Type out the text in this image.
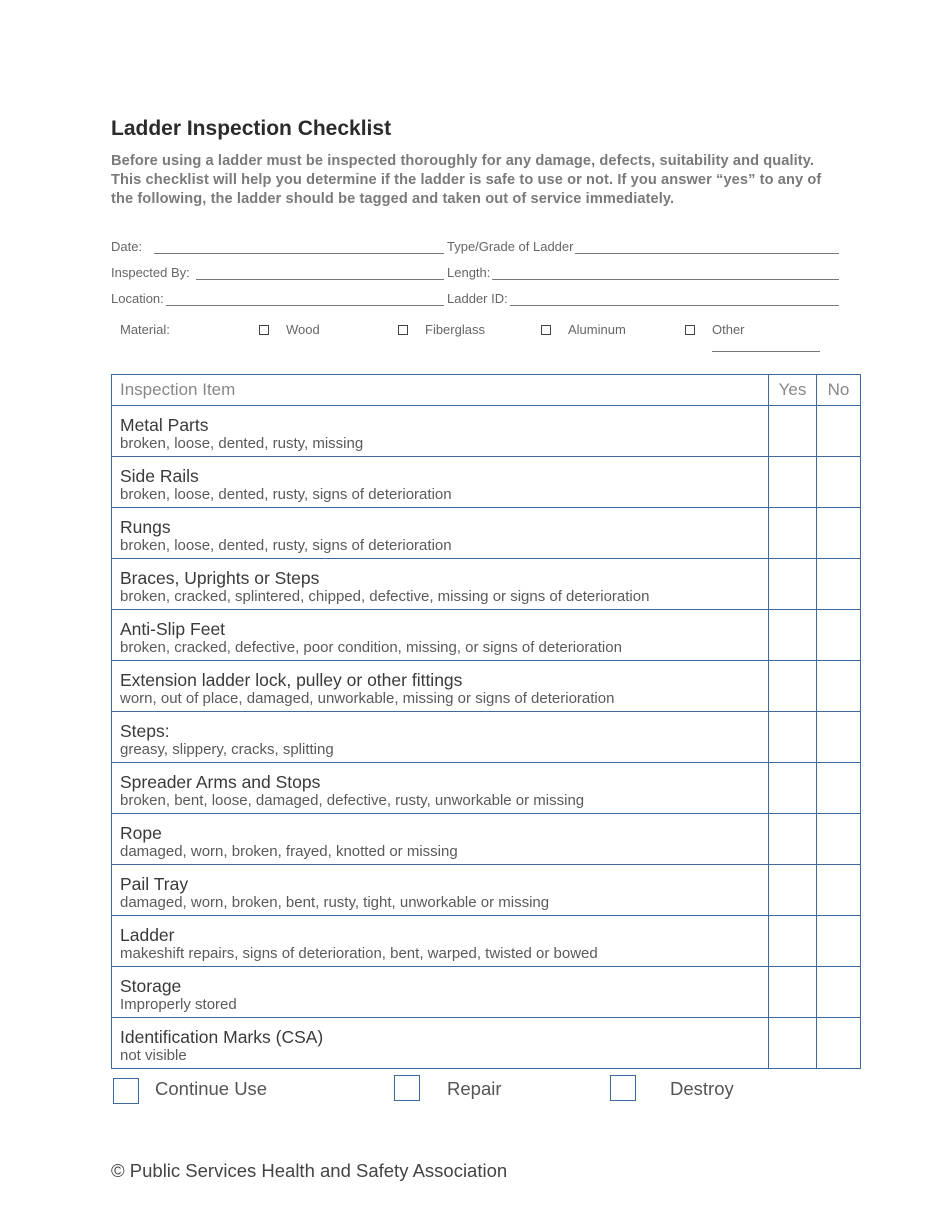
Ladder Inspection Checklist

Before using a ladder must be inspected thoroughly for any damage, defects, suitability and quality. This checklist will help you determine if the ladder is safe to use or not. If you answer “yes” to any of the following, the ladder should be tagged and taken out of service immediately.

Date:	Type/Grade of Ladder
Inspected By:	Length:
Location:	Ladder ID:
Material:	Wood	Fiberglass	Aluminum	Other
Inspection Item	Yes	No

Metal Parts
broken, loose, dented, rusty, missing		

Side Rails
broken, loose, dented, rusty, signs of deterioration		

Rungs
broken, loose, dented, rusty, signs of deterioration		

Braces, Uprights or Steps
broken, cracked, splintered, chipped, defective, missing or signs of deterioration		

Anti-Slip Feet
broken, cracked, defective, poor condition, missing, or signs of deterioration		

Extension ladder lock, pulley or other fittings
worn, out of place, damaged, unworkable, missing or signs of deterioration		

Steps:
greasy, slippery, cracks, splitting		

Spreader Arms and Stops
broken, bent, loose, damaged, defective, rusty, unworkable or missing		

Rope
damaged, worn, broken, frayed, knotted or missing		

Pail Tray
damaged, worn, broken, bent, rusty, tight, unworkable or missing		

Ladder
makeshift repairs, signs of deterioration, bent, warped, twisted or bowed		

Storage
Improperly stored		

Identification Marks (CSA)
not visible		

Continue Use	Repair	Destroy

© Public Services Health and Safety Association
